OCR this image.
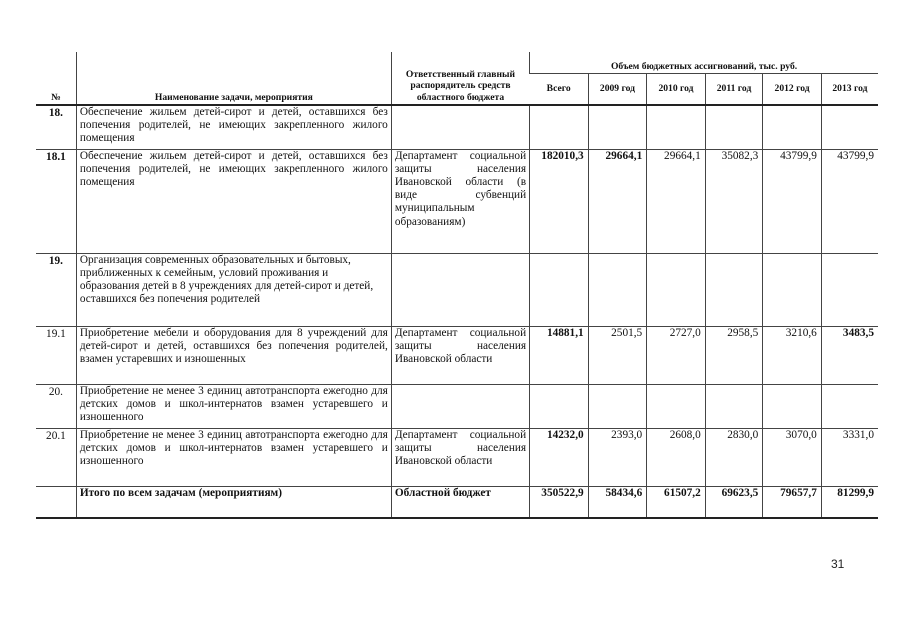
№	Наименование задачи, мероприятия	Ответственный главный распорядитель средств областного бюджета	Объем бюджетных ассигнований, тыс. руб.					
			Всего	2009 год	2010 год	2011 год	2012 год	2013 год
18.	Обеспечение жильем детей-сирот и детей, оставшихся без попечения родителей, не имеющих закрепленного жилого помещения							
18.1	Обеспечение жильем детей-сирот и детей, оставшихся без попечения родителей, не имеющих закрепленного жилого помещения	Департамент социальной защиты населения Ивановской области (в виде субвенций муниципальным образованиям)	182010,3	29664,1	29664,1	35082,3	43799,9	43799,9
19.	Организация современных образовательных и бытовых, приближенных к семейным, условий проживания и образования детей в 8 учреждениях для детей-сирот и детей, оставшихся без попечения родителей							
19.1	Приобретение мебели и оборудования для 8 учреждений для детей-сирот и детей, оставшихся без попечения родителей, взамен устаревших и изношенных	Департамент социальной защиты населения Ивановской области	14881,1	2501,5	2727,0	2958,5	3210,6	3483,5
20.	Приобретение не менее 3 единиц автотранспорта ежегодно для детских домов и школ-интернатов взамен устаревшего и изношенного							
20.1	Приобретение не менее 3 единиц автотранспорта ежегодно для детских домов и школ-интернатов взамен устаревшего и изношенного	Департамент социальной защиты населения Ивановской области	14232,0	2393,0	2608,0	2830,0	3070,0	3331,0
	Итого по всем задачам (мероприятиям)	Областной бюджет	350522,9	58434,6	61507,2	69623,5	79657,7	81299,9
31
